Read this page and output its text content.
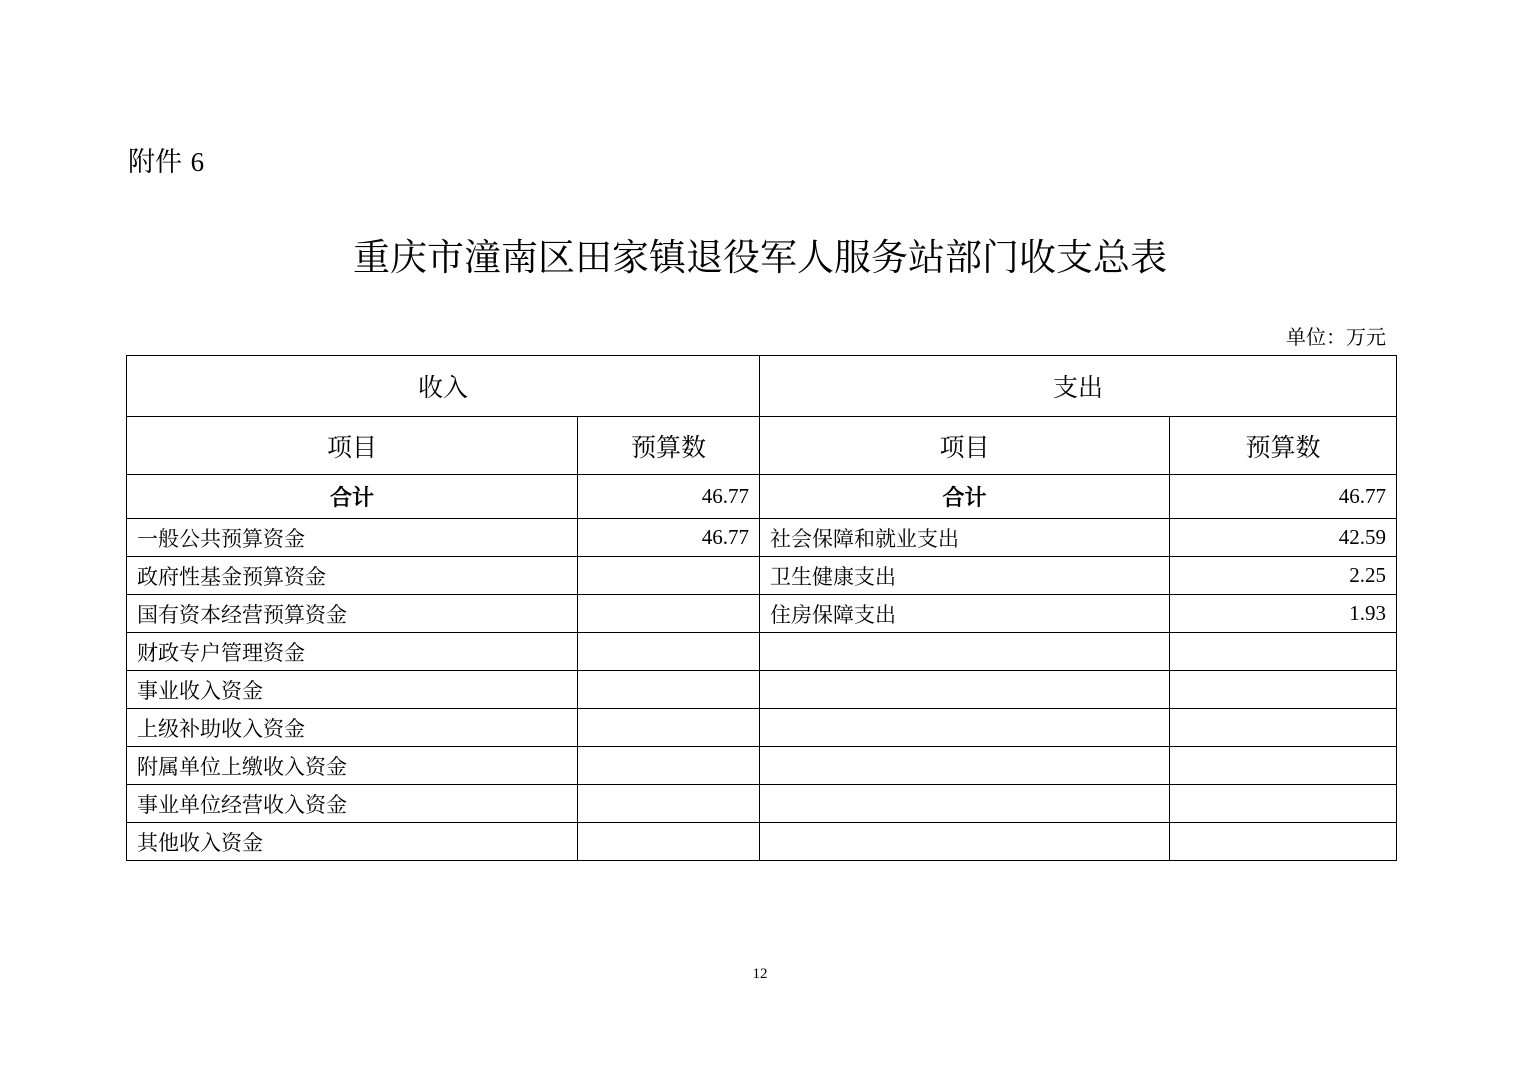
附件 6
重庆市潼南区田家镇退役军人服务站部门收支总表
单位：万元
收入		支出	
项目	预算数	项目	预算数
合计	46.77	合计	46.77
一般公共预算资金	46.77	社会保障和就业支出	42.59
政府性基金预算资金		卫生健康支出	2.25
国有资本经营预算资金		住房保障支出	1.93
财政专户管理资金			
事业收入资金			
上级补助收入资金			
附属单位上缴收入资金			
事业单位经营收入资金			
其他收入资金			
12
